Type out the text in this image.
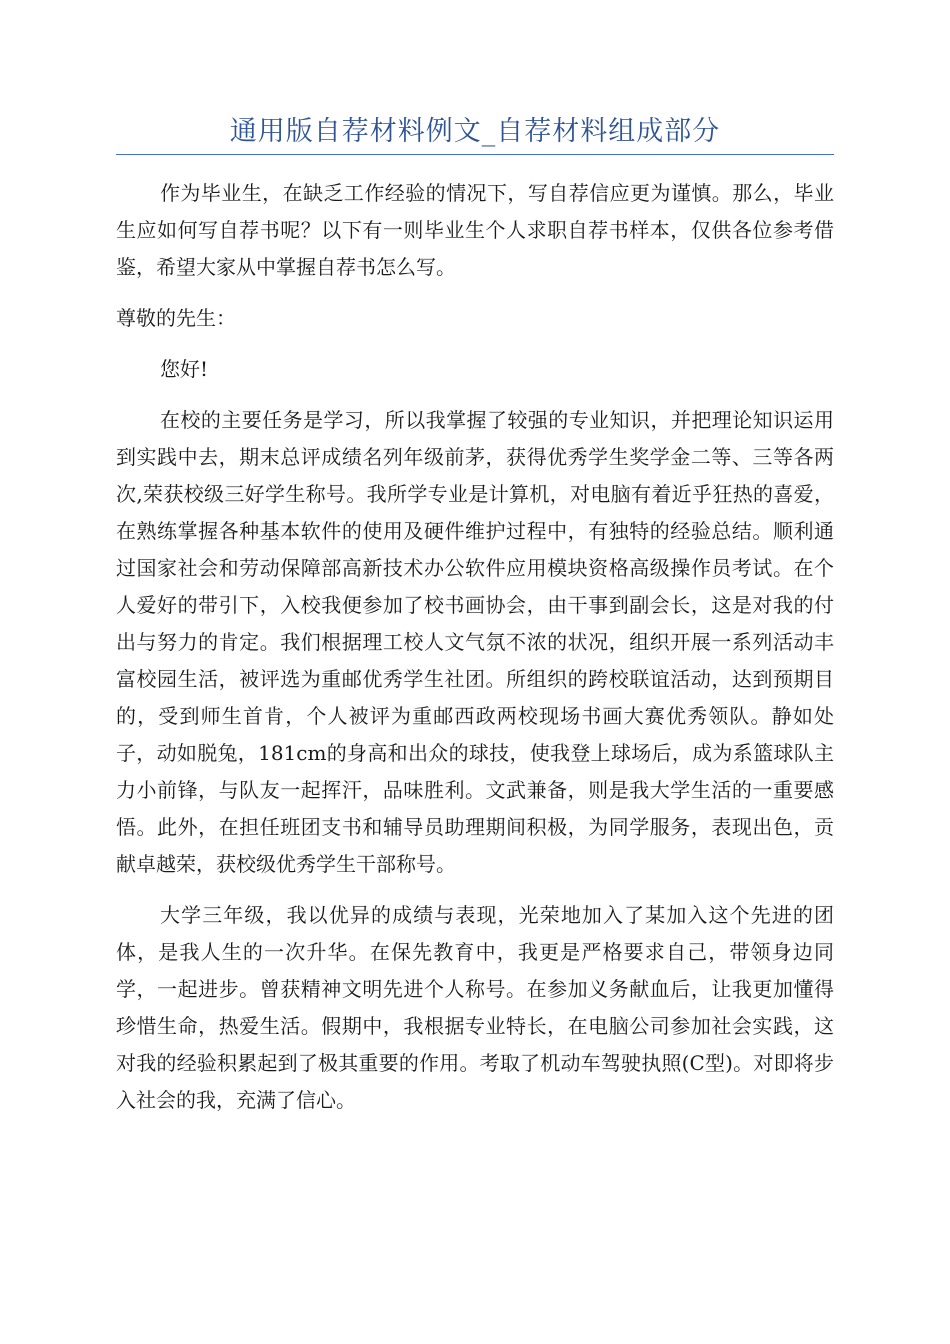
通用版自荐材料例文_自荐材料组成部分

作为毕业生，在缺乏工作经验的情况下，写自荐信应更为谨慎。那么，毕业生应如何写自荐书呢？以下有一则毕业生个人求职自荐书样本，仅供各位参考借鉴，希望大家从中掌握自荐书怎么写。

尊敬的先生：

您好!

在校的主要任务是学习，所以我掌握了较强的专业知识，并把理论知识运用到实践中去，期末总评成绩名列年级前茅，获得优秀学生奖学金二等、三等各两次,荣获校级三好学生称号。我所学专业是计算机，对电脑有着近乎狂热的喜爱，在熟练掌握各种基本软件的使用及硬件维护过程中，有独特的经验总结。顺利通过国家社会和劳动保障部高新技术办公软件应用模块资格高级操作员考试。在个人爱好的带引下，入校我便参加了校书画协会，由干事到副会长，这是对我的付出与努力的肯定。我们根据理工校人文气氛不浓的状况，组织开展一系列活动丰富校园生活，被评选为重邮优秀学生社团。所组织的跨校联谊活动，达到预期目的，受到师生首肯，个人被评为重邮西政两校现场书画大赛优秀领队。静如处子，动如脱兔，181cm的身高和出众的球技，使我登上球场后，成为系篮球队主力小前锋，与队友一起挥汗，品味胜利。文武兼备，则是我大学生活的一重要感悟。此外，在担任班团支书和辅导员助理期间积极，为同学服务，表现出色，贡献卓越荣，获校级优秀学生干部称号。

大学三年级，我以优异的成绩与表现，光荣地加入了某加入这个先进的团体，是我人生的一次升华。在保先教育中，我更是严格要求自己，带领身边同学，一起进步。曾获精神文明先进个人称号。在参加义务献血后，让我更加懂得珍惜生命，热爱生活。假期中，我根据专业特长，在电脑公司参加社会实践，这对我的经验积累起到了极其重要的作用。考取了机动车驾驶执照(C型)。对即将步入社会的我，充满了信心。
